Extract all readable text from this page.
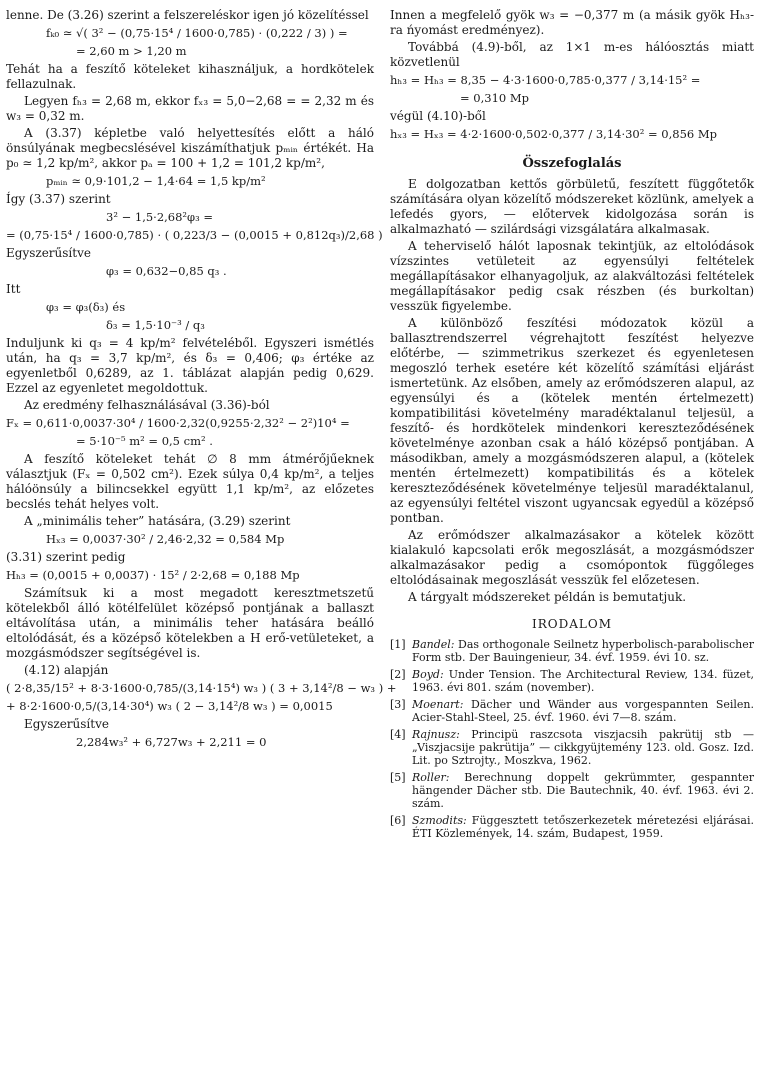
lenne. De (3.26) szerint a felszereléskor igen jó közelítéssel

fₖ₀ ≃ √( 3² − (0,75·15⁴ / 1600·0,785) · (0,222 / 3) ) =
= 2,60 m > 1,20 m

Tehát ha a feszítő köteleket kihasználjuk, a hordkötelek fellazulnak.

Legyen fₕ₃ = 2,68 m, ekkor fₓ₃ = 5,0−2,68 = = 2,32 m és w₃ = 0,32 m.

A (3.37) képletbe való helyettesítés előtt a háló önsúlyának megbecslésével kiszámíthatjuk pₘᵢₙ értékét. Ha p₀ ≃ 1,2 kp/m², akkor pₐ = 100 + 1,2 = 101,2 kp/m²,

pₘᵢₙ ≃ 0,9·101,2 − 1,4·64 = 1,5 kp/m²

Így (3.37) szerint

3² − 1,5·2,68²φ₃ =
= (0,75·15⁴ / 1600·0,785) · ( 0,223/3 − (0,0015 + 0,812q₃)/2,68 )

Egyszerűsítve

φ₃ = 0,632−0,85 q₃ .

Itt

φ₃ = φ₃(δ₃) és
δ₃ = 1,5·10⁻³ / q₃

Induljunk ki q₃ = 4 kp/m² felvételéből. Egyszeri ismétlés után, ha q₃ = 3,7 kp/m², és δ₃ = 0,406; φ₃ értéke az egyenletből 0,6289, az 1. táblázat alapján pedig 0,629. Ezzel az egyenletet megoldottuk.

Az eredmény felhasználásával (3.36)-ból

Fₓ = 0,611·0,0037·30⁴ / 1600·2,32(0,9255·2,32² − 2²)10⁴ =
= 5·10⁻⁵ m² = 0,5 cm² .

A feszítő köteleket tehát ∅ 8 mm átmérőjűeknek választjuk (Fₓ = 0,502 cm²). Ezek súlya 0,4 kp/m², a teljes hálóönsúly a bilincsekkel együtt 1,1 kp/m², az előzetes becslés tehát helyes volt.

A „minimális teher” hatására, (3.29) szerint

Hₓ₃ = 0,0037·30² / 2,46·2,32 = 0,584 Mp

(3.31) szerint pedig

Hₕ₃ = (0,0015 + 0,0037) · 15² / 2·2,68 = 0,188 Mp

Számítsuk ki a most megadott keresztmetszetű kötelekből álló kötélfelület középső pontjának a ballaszt eltávolítása után, a minimális teher hatására beálló eltolódását, és a középső kötelekben a H erő-vetületeket, a mozgásmódszer segítségével is.

(4.12) alapján

( 2·8,35/15² + 8·3·1600·0,785/(3,14·15⁴) w₃ ) ( 3 + 3,14²/8 − w₃ ) +
+ 8·2·1600·0,5/(3,14·30⁴) w₃ ( 2 − 3,14²/8 w₃ ) = 0,0015

Egyszerűsítve

2,284w₃² + 6,727w₃ + 2,211 = 0

Innen a megfelelő gyök w₃ = −0,377 m (a másik gyök Hₕ₃-ra ńyomást eredményez).

Továbbá (4.9)-ből, az 1×1 m-es hálóosztás miatt közvetlenül

hₕ₃ = Hₕ₃ = 8,35 − 4·3·1600·0,785·0,377 / 3,14·15² =
= 0,310 Mp

végül (4.10)-ből

hₓ₃ = Hₓ₃ = 4·2·1600·0,502·0,377 / 3,14·30² = 0,856 Mp
Összefoglalás

E dolgozatban kettős görbületű, feszített függőtetők számítására olyan közelítő módszereket közlünk, amelyek a lefedés gyors, — előtervek kidolgozása során is alkalmazható — szilárdsági vizsgálatára alkalmasak.

A teherviselő hálót laposnak tekintjük, az eltolódások vízszintes vetületeit az egyensúlyi feltételek megállapításakor elhanyagoljuk, az alakváltozási feltételek megállapításakor pedig csak részben (és burkoltan) vesszük figyelembe.

A különböző feszítési módozatok közül a ballasztrendszerrel végrehajtott feszítést helyezve előtérbe, — szimmetrikus szerkezet és egyenletesen megoszló terhek esetére két közelítő számítási eljárást ismertetünk. Az elsőben, amely az erőmódszeren alapul, az egyensúlyi és a (kötelek mentén értelmezett) kompatibilitási követelmény maradéktalanul teljesül, a feszítő- és hordkötelek mindenkori kereszteződésének követelménye azonban csak a háló középső pontjában. A másodikban, amely a mozgásmódszeren alapul, a (kötelek mentén értelmezett) kompatibilitás és a kötelek kereszteződésének követelménye teljesül maradéktalanul, az egyensúlyi feltétel viszont ugyancsak egyedül a középső pontban.

Az erőmódszer alkalmazásakor a kötelek között kialakuló kapcsolati erők megoszlását, a mozgásmódszer alkalmazásakor pedig a csomópontok függőleges eltolódásainak megoszlását vesszük fel előzetesen.

A tárgyalt módszereket példán is bemutatjuk.

IRODALOM
[1] Bandel: Das orthogonale Seilnetz hyperbolisch-parabolischer Form stb. Der Bauingenieur, 34. évf. 1959. évi 10. sz.
[2] Boyd: Under Tension. The Architectural Review, 134. füzet, 1963. évi 801. szám (november).
[3] Moenart: Dächer und Wänder aus vorgespannten Seilen. Acier-Stahl-Steel, 25. évf. 1960. évi 7—8. szám.
[4] Rajnusz: Principü raszcsota viszjacsih pakrütij stb — „Viszjacsije pakrütija” — cikkgyüjtemény 123. old. Gosz. Izd. Lit. po Sztrojty., Moszkva, 1962.
[5] Roller: Berechnung doppelt gekrümmter, gespannter hängender Dächer stb. Die Bautechnik, 40. évf. 1963. évi 2. szám.
[6] Szmodits: Függesztett tetőszerkezetek méretezési eljárásai. ÉTI Közlemények, 14. szám, Budapest, 1959.
